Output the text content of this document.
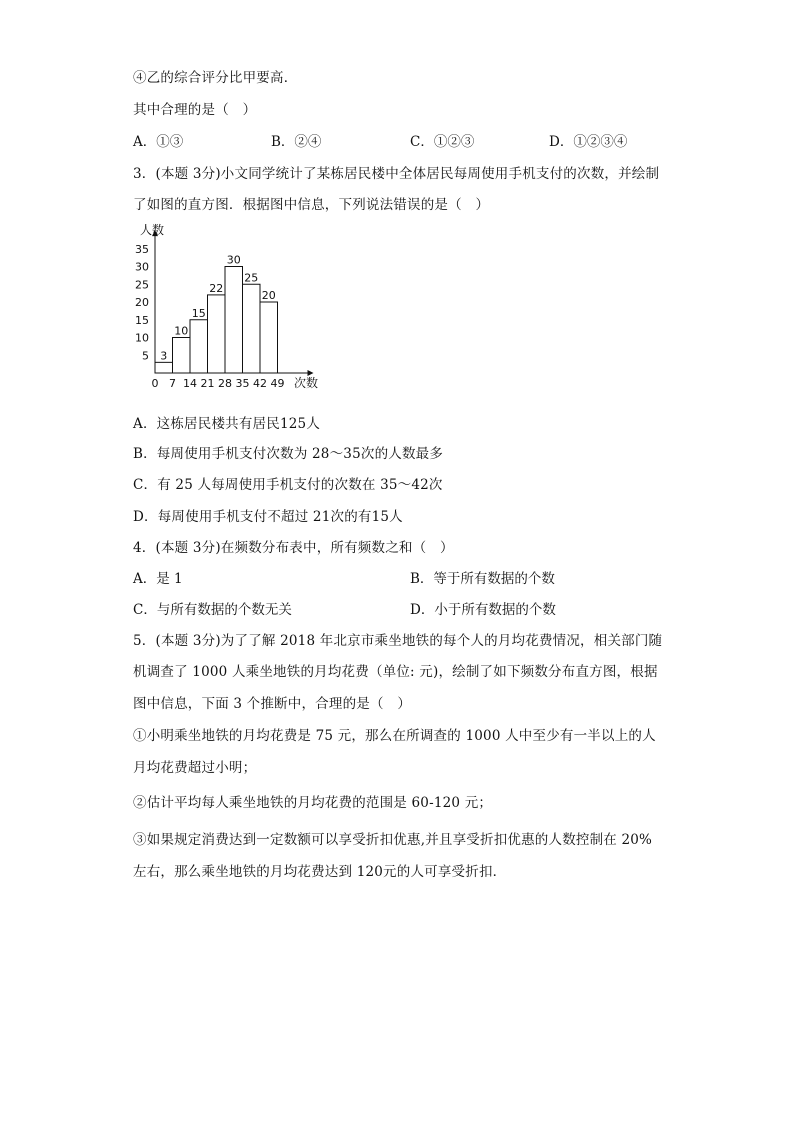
④乙的综合评分比甲要高．
其中合理的是（　）
A．①③	B．②④	C．①②③	D．①②③④
3．(本题 3分)小文同学统计了某栋居民楼中全体居民每周使用手机支付的次数，并绘制
了如图的直方图．根据图中信息，下列说法错误的是（　）
0 7 14 21 28 35 42 49
5
10
15
20
25
30
35
3
10
15
22
30
25
20
人数
次数
A．这栋居民楼共有居民125人
B．每周使用手机支付次数为 28～35次的人数最多
C．有 25 人每周使用手机支付的次数在 35～42次
D．每周使用手机支付不超过 21次的有15人
4．(本题 3分)在频数分布表中，所有频数之和（　）
A．是 1	B．等于所有数据的个数
C．与所有数据的个数无关	D．小于所有数据的个数
5．(本题 3分)为了了解 2018 年北京市乘坐地铁的每个人的月均花费情况，相关部门随
机调查了 1000 人乘坐地铁的月均花费（单位: 元)，绘制了如下频数分布直方图，根据
图中信息，下面 3 个推断中，合理的是（　）
①小明乘坐地铁的月均花费是 75 元，那么在所调查的 1000 人中至少有一半以上的人
月均花费超过小明；
②估计平均每人乘坐地铁的月均花费的范围是 60-120 元；
③如果规定消费达到一定数额可以享受折扣优惠,并且享受折扣优惠的人数控制在 20%
左右，那么乘坐地铁的月均花费达到 120元的人可享受折扣．
